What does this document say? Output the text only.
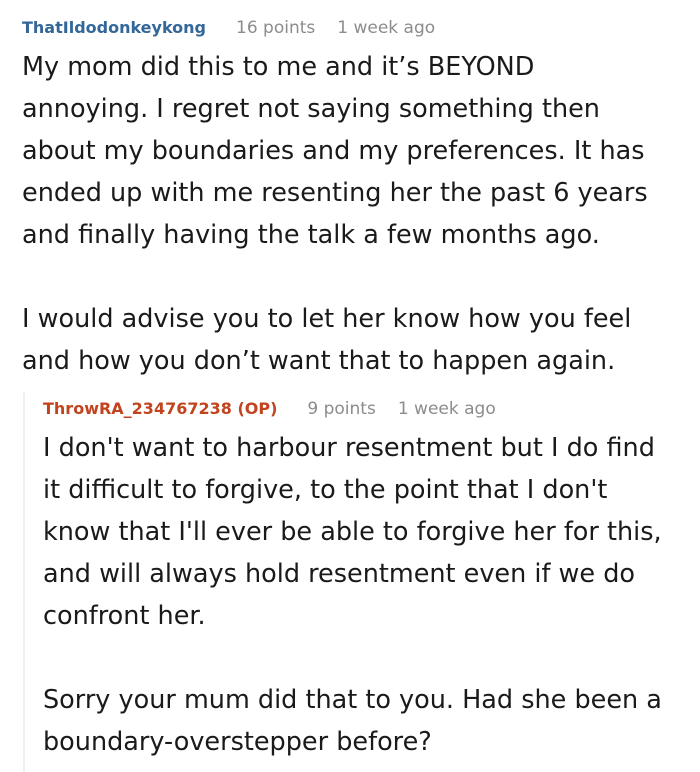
ThatIldodonkeykong 16 points 1 week ago

My mom did this to me and it’s BEYOND
annoying. I regret not saying something then
about my boundaries and my preferences. It has
ended up with me resenting her the past 6 years
and finally having the talk a few months ago.

I would advise you to let her know how you feel
and how you don’t want that to happen again.

ThrowRA_234767238 (OP) 9 points 1 week ago

I don't want to harbour resentment but I do find
it difficult to forgive, to the point that I don't
know that I'll ever be able to forgive her for this,
and will always hold resentment even if we do
confront her.

Sorry your mum did that to you. Had she been a
boundary-overstepper before?
